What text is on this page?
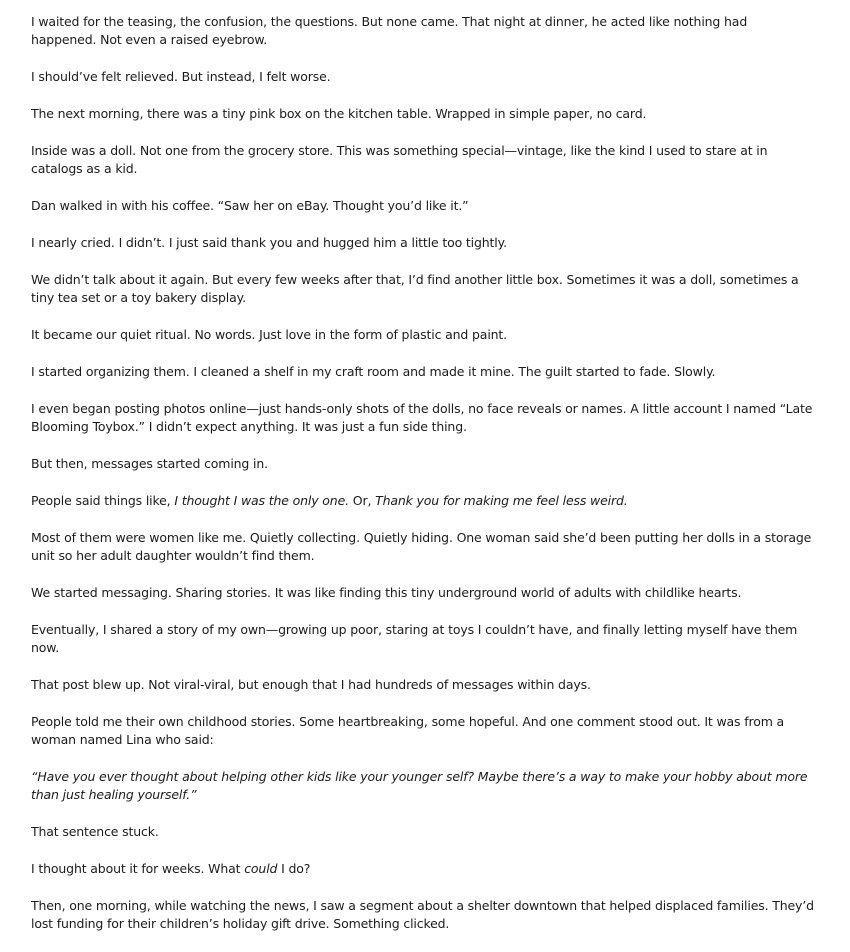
I waited for the teasing, the confusion, the questions. But none came. That night at dinner, he acted like nothing had happened. Not even a raised eyebrow.

I should’ve felt relieved. But instead, I felt worse.

The next morning, there was a tiny pink box on the kitchen table. Wrapped in simple paper, no card.

Inside was a doll. Not one from the grocery store. This was something special—vintage, like the kind I used to stare at in catalogs as a kid.

Dan walked in with his coffee. “Saw her on eBay. Thought you’d like it.”

I nearly cried. I didn’t. I just said thank you and hugged him a little too tightly.

We didn’t talk about it again. But every few weeks after that, I’d find another little box. Sometimes it was a doll, sometimes a tiny tea set or a toy bakery display.

It became our quiet ritual. No words. Just love in the form of plastic and paint.

I started organizing them. I cleaned a shelf in my craft room and made it mine. The guilt started to fade. Slowly.

I even began posting photos online—just hands-only shots of the dolls, no face reveals or names. A little account I named “Late Blooming Toybox.” I didn’t expect anything. It was just a fun side thing.

But then, messages started coming in.

People said things like, I thought I was the only one. Or, Thank you for making me feel less weird.

Most of them were women like me. Quietly collecting. Quietly hiding. One woman said she’d been putting her dolls in a storage unit so her adult daughter wouldn’t find them.

We started messaging. Sharing stories. It was like finding this tiny underground world of adults with childlike hearts.

Eventually, I shared a story of my own—growing up poor, staring at toys I couldn’t have, and finally letting myself have them now.

That post blew up. Not viral-viral, but enough that I had hundreds of messages within days.

People told me their own childhood stories. Some heartbreaking, some hopeful. And one comment stood out. It was from a woman named Lina who said:

“Have you ever thought about helping other kids like your younger self? Maybe there’s a way to make your hobby about more than just healing yourself.”

That sentence stuck.

I thought about it for weeks. What could I do?

Then, one morning, while watching the news, I saw a segment about a shelter downtown that helped displaced families. They’d lost funding for their children’s holiday gift drive. Something clicked.
